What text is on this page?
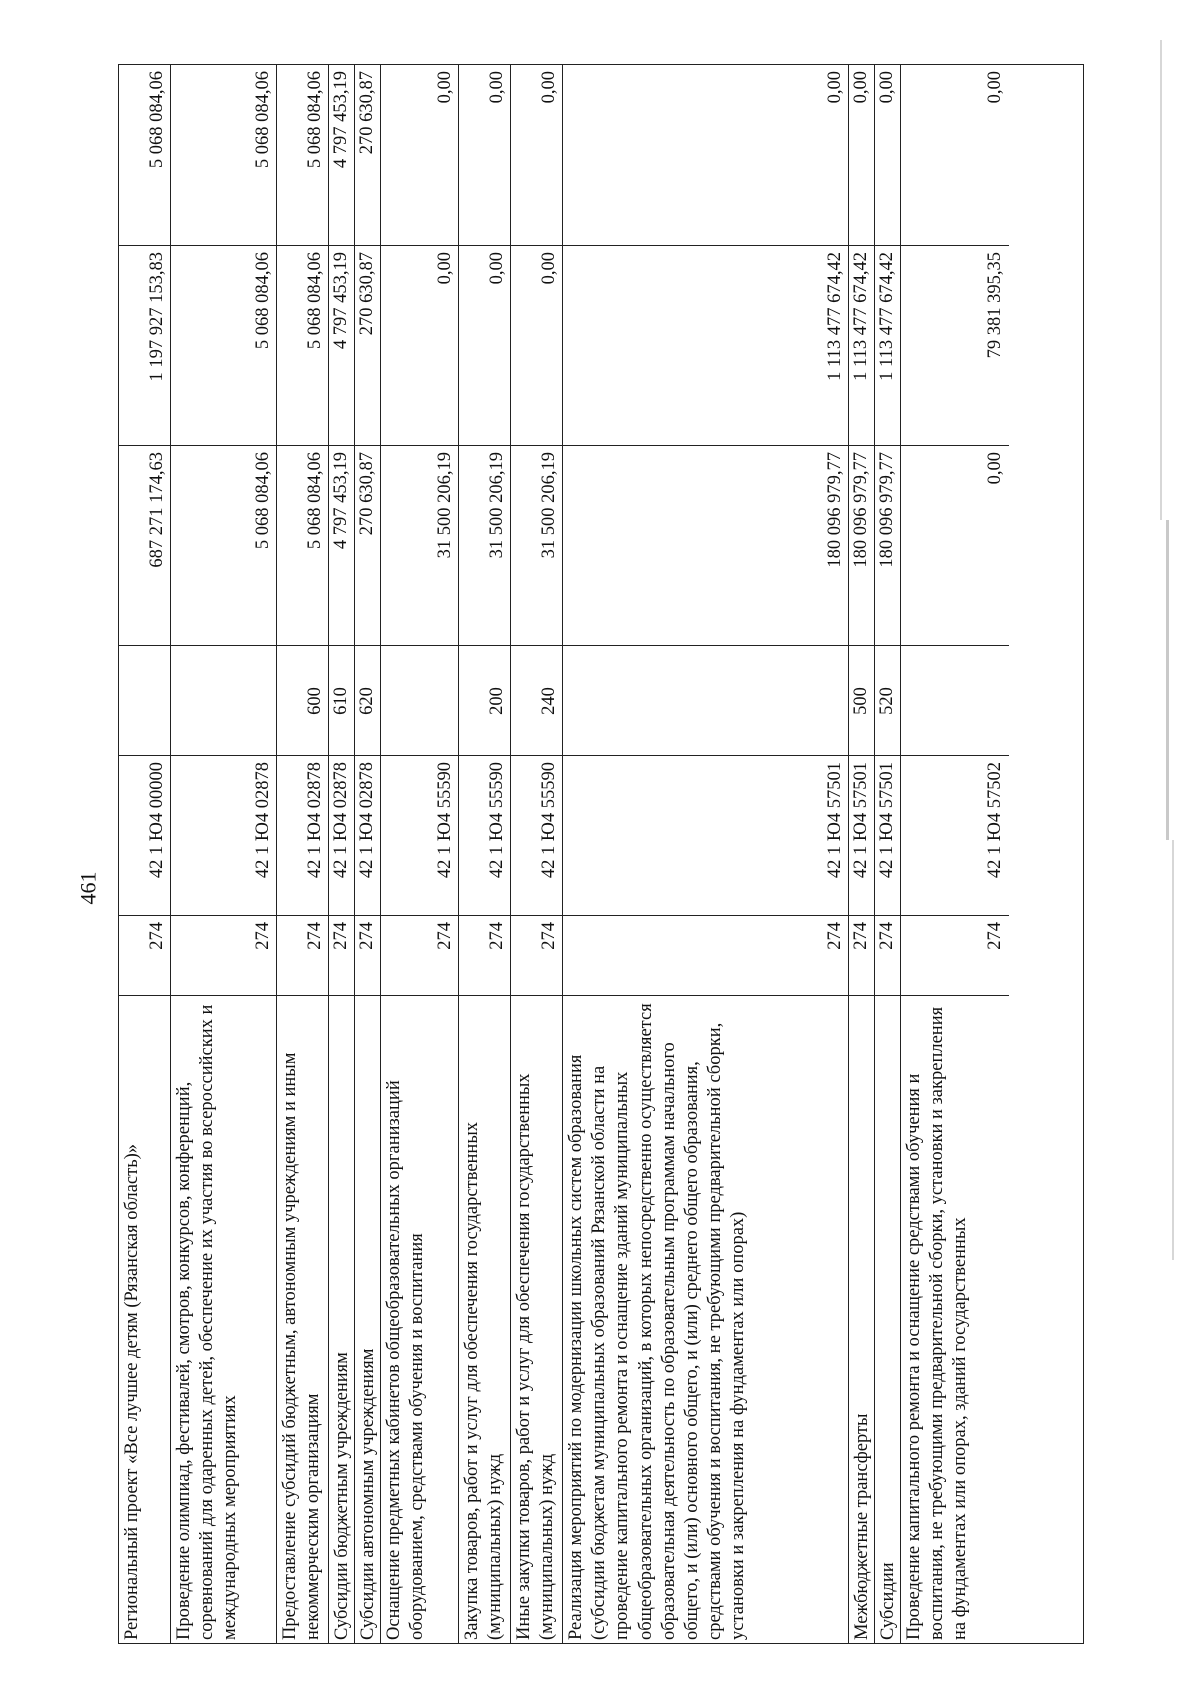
461
5 068 084,06
1 197 927 153,83
687 271 174,63
42 1 Ю4 00000
274
Региональный проект «Все лучшее детям (Рязанская область)»
5 068 084,06
5 068 084,06
5 068 084,06
42 1 Ю4 02878
274
Проведение олимпиад, фестивалей, смотров, конкурсов, конференций, соревнований для одаренных детей, обеспечение их участия во всероссийских и международных мероприятиях
5 068 084,06
5 068 084,06
5 068 084,06
600
42 1 Ю4 02878
274
Предоставление субсидий бюджетным, автономным учреждениям и иным некоммерческим организациям
4 797 453,19
4 797 453,19
4 797 453,19
610
42 1 Ю4 02878
274
Субсидии бюджетным учреждениям
270 630,87
270 630,87
270 630,87
620
42 1 Ю4 02878
274
Субсидии автономным учреждениям
0,00
0,00
31 500 206,19
42 1 Ю4 55590
274
Оснащение предметных кабинетов общеобразовательных организаций оборудованием, средствами обучения и воспитания
0,00
0,00
31 500 206,19
200
42 1 Ю4 55590
274
Закупка товаров, работ и услуг для обеспечения государственных (муниципальных) нужд
0,00
0,00
31 500 206,19
240
42 1 Ю4 55590
274
Иные закупки товаров, работ и услуг для обеспечения государственных (муниципальных) нужд
0,00
1 113 477 674,42
180 096 979,77
42 1 Ю4 57501
274
Реализация мероприятий по модернизации школьных систем образования (субсидии бюджетам муниципальных образований Рязанской области на проведение капитального ремонта и оснащение зданий муниципальных общеобразовательных организаций, в которых непосредственно осуществляется образовательная деятельность по образовательным программам начального общего, и (или) основного общего, и (или) среднего общего образования, средствами обучения и воспитания, не требующими предварительной сборки, установки и закрепления на фундаментах или опорах)
0,00
1 113 477 674,42
180 096 979,77
500
42 1 Ю4 57501
274
Межбюджетные трансферты
0,00
1 113 477 674,42
180 096 979,77
520
42 1 Ю4 57501
274
Субсидии
0,00
79 381 395,35
0,00
42 1 Ю4 57502
274
Проведение капитального ремонта и оснащение средствами обучения и воспитания, не требующими предварительной сборки, установки и закрепления на фундаментах или опорах, зданий государственных
